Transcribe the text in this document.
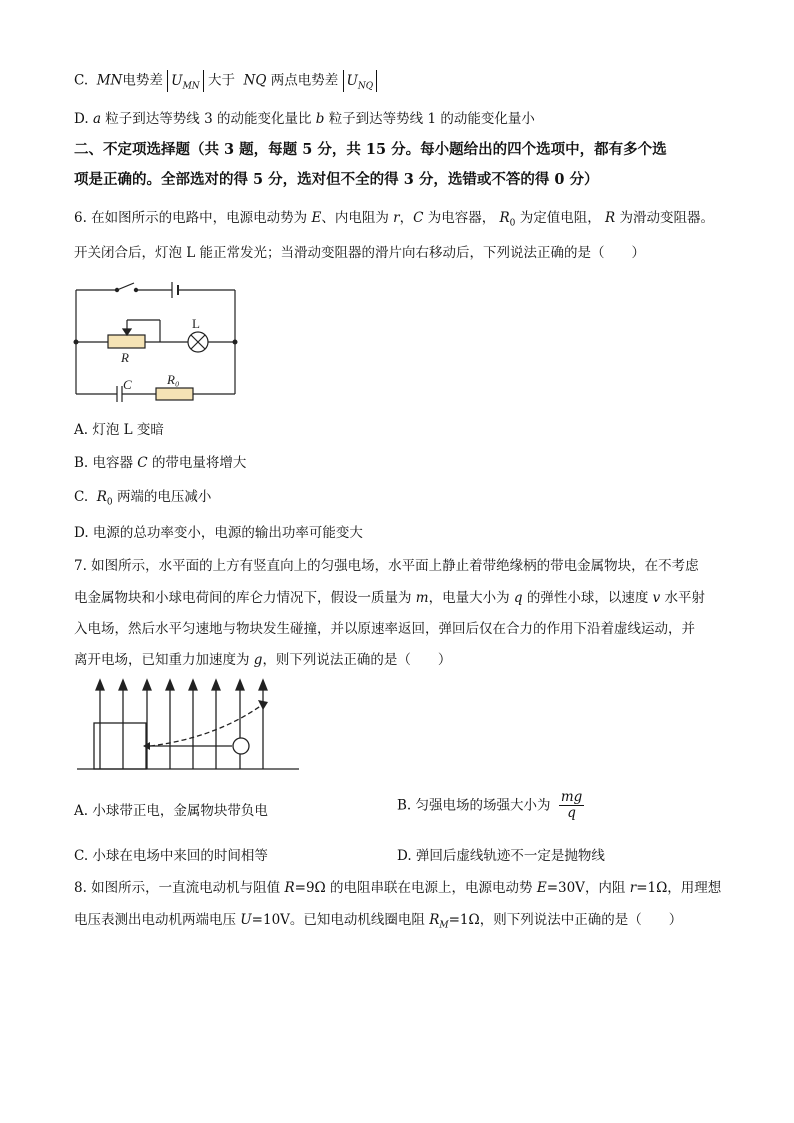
C.  MN电势差 $U_{MN}$ 大于  NQ 两点电势差 $U_{NQ}$
D. a 粒子到达等势线 3 的动能变化量比 b 粒子到达等势线 1 的动能变化量小
二、不定项选择题（共 3 题，每题 5 分，共 15 分。每小题给出的四个选项中，都有多个选
项是正确的。全部选对的得 5 分，选对但不全的得 3 分，选错或不答的得 0 分）
6. 在如图所示的电路中，电源电动势为 E、内电阻为 r，C 为电容器， $R_0$ 为定值电阻， R 为滑动变阻器。
开关闭合后，灯泡 L 能正常发光；当滑动变阻器的滑片向右移动后，下列说法正确的是（　　）
L
R
C	R₀
A. 灯泡 L 变暗
B. 电容器 C 的带电量将增大
C. $R_0$ 两端的电压减小
D. 电源的总功率变小，电源的输出功率可能变大
7. 如图所示，水平面的上方有竖直向上的匀强电场，水平面上静止着带绝缘柄的带电金属物块，在不考虑
电金属物块和小球电荷间的库仑力情况下，假设一质量为 m，电量大小为 q 的弹性小球，以速度 v 水平射
入电场，然后水平匀速地与物块发生碰撞，并以原速率返回，弹回后仅在合力的作用下沿着虚线运动，并
离开电场，已知重力加速度为 g，则下列说法正确的是（　　）
A. 小球带正电，金属物块带负电	B. 匀强电场的场强大小为 $\frac{mg}{q}$
C. 小球在电场中来回的时间相等	D. 弹回后虚线轨迹不一定是抛物线
8. 如图所示，一直流电动机与阻值 R=9Ω 的电阻串联在电源上，电源电动势 E=30V，内阻 r=1Ω，用理想
电压表测出电动机两端电压 U=10V。已知电动机线圈电阻 $R_M=1\Omega$，则下列说法中正确的是（　　）
